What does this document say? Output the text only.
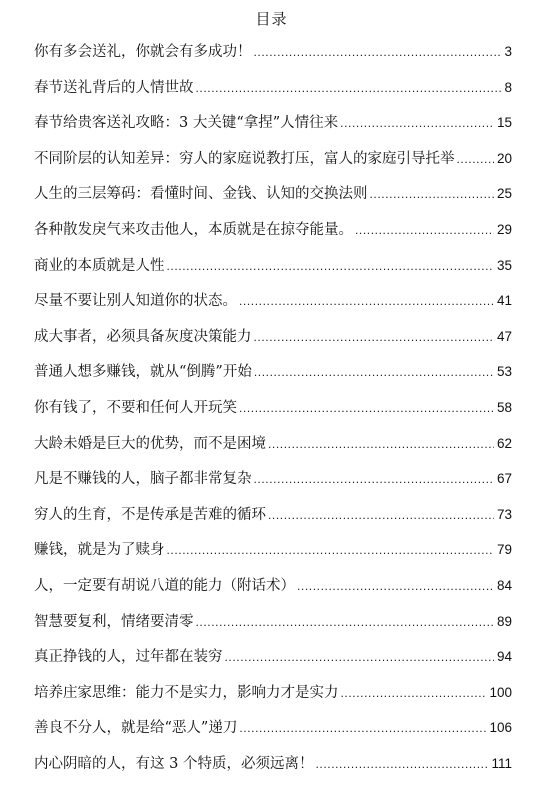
目录
你有多会送礼，你就会有多成功！ .....	3
春节送礼背后的人情世故 .....	8
春节给贵客送礼攻略：3 大关键“拿捏”人情往来 .....	15
不同阶层的认知差异：穷人的家庭说教打压，富人的家庭引导托举 .....	20
人生的三层筹码：看懂时间、金钱、认知的交换法则 .....	25
各种散发戾气来攻击他人，本质就是在掠夺能量。 .....	29
商业的本质就是人性 .....	35
尽量不要让别人知道你的状态。 .....	41
成大事者，必须具备灰度决策能力 .....	47
普通人想多赚钱，就从“倒腾”开始 .....	53
你有钱了，不要和任何人开玩笑 .....	58
大龄未婚是巨大的优势，而不是困境 .....	62
凡是不赚钱的人，脑子都非常复杂 .....	67
穷人的生育，不是传承是苦难的循环 .....	73
赚钱，就是为了赎身 .....	79
人，一定要有胡说八道的能力（附话术） .....	84
智慧要复利，情绪要清零 .....	89
真正挣钱的人，过年都在装穷 .....	94
培养庄家思维：能力不是实力，影响力才是实力 .....	100
善良不分人，就是给“恶人”递刀 .....	106
内心阴暗的人，有这 3 个特质，必须远离！ .....	111
